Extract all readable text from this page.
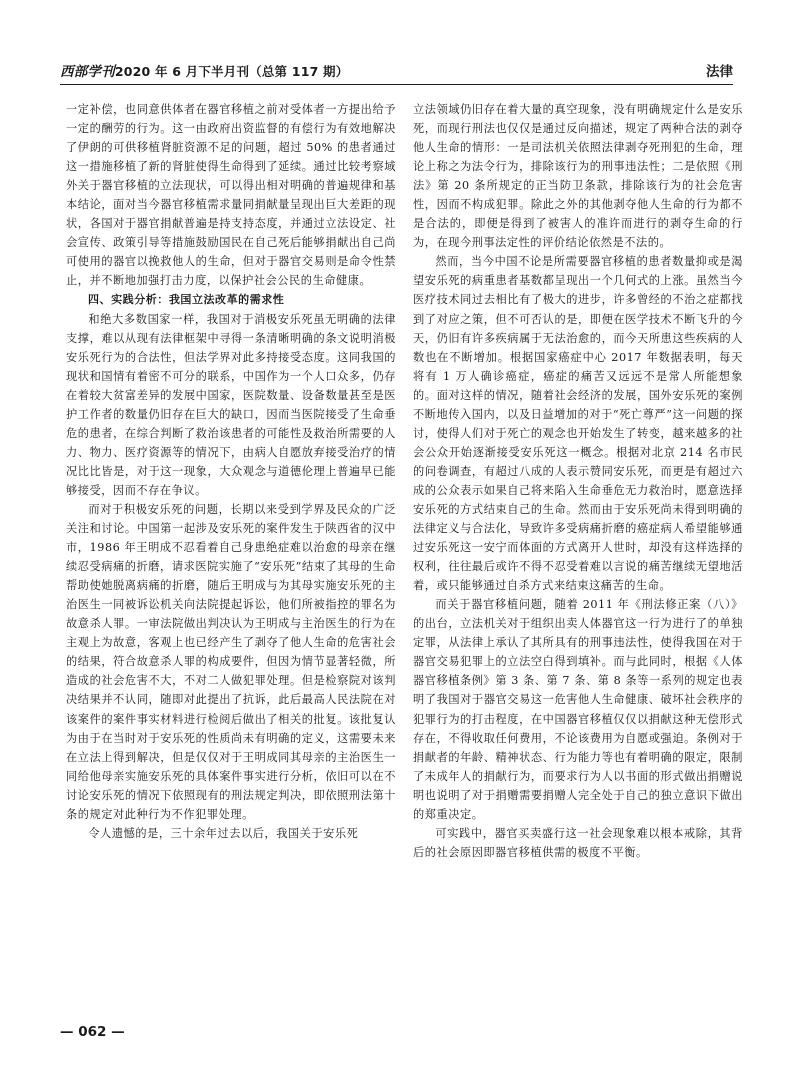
西部学刊2020 年 6 月下半月刊（总第 117 期）	法律

一定补偿，也同意供体者在器官移植之前对受体者一方提出给予一定的酬劳的行为。这一由政府出资监督的有偿行为有效地解决了伊朗的可供移植肾脏资源不足的问题，超过 50% 的患者通过这一措施移植了新的肾脏使得生命得到了延续。通过比较考察域外关于器官移植的立法现状，可以得出相对明确的普遍规律和基本结论，面对当今器官移植需求量同捐献量呈现出巨大差距的现状，各国对于器官捐献普遍是持支持态度，并通过立法设定、社会宣传、政策引导等措施鼓励国民在自己死后能够捐献出自己尚可使用的器官以挽救他人的生命，但对于器官交易则是命令性禁止，并不断地加强打击力度，以保护社会公民的生命健康。

四、实践分析：我国立法改革的需求性

和绝大多数国家一样，我国对于消极安乐死虽无明确的法律支撑，难以从现有法律框架中寻得一条清晰明确的条文说明消极安乐死行为的合法性，但法学界对此多持接受态度。这同我国的现状和国情有着密不可分的联系，中国作为一个人口众多，仍存在着较大贫富差异的发展中国家，医院数量、设备数量甚至是医护工作者的数量仍旧存在巨大的缺口，因而当医院接受了生命垂危的患者，在综合判断了救治该患者的可能性及救治所需要的人力、物力、医疗资源等的情况下，由病人自愿放弃接受治疗的情况比比皆是，对于这一现象，大众观念与道德伦理上普遍早已能够接受，因而不存在争议。

而对于积极安乐死的问题，长期以来受到学界及民众的广泛关注和讨论。中国第一起涉及安乐死的案件发生于陕西省的汉中市，1986 年王明成不忍看着自己身患绝症难以治愈的母亲在继续忍受病痛的折磨，请求医院实施了“安乐死”结束了其母的生命帮助使她脱离病痛的折磨，随后王明成与为其母实施安乐死的主治医生一同被诉讼机关向法院提起诉讼，他们所被指控的罪名为故意杀人罪。一审法院做出判决认为王明成与主治医生的行为在主观上为故意，客观上也已经产生了剥夺了他人生命的危害社会的结果，符合故意杀人罪的构成要件，但因为情节显著轻微，所造成的社会危害不大，不对二人做犯罪处理。但是检察院对该判决结果并不认同，随即对此提出了抗诉，此后最高人民法院在对该案件的案件事实材料进行检阅后做出了相关的批复。该批复认为由于在当时对于安乐死的性质尚未有明确的定义，这需要未来在立法上得到解决，但是仅仅对于王明成同其母亲的主治医生一同给他母亲实施安乐死的具体案件事实进行分析，依旧可以在不讨论安乐死的情况下依照现有的刑法规定判决，即依照刑法第十条的规定对此种行为不作犯罪处理。

令人遗憾的是，三十余年过去以后，我国关于安乐死

立法领域仍旧存在着大量的真空现象，没有明确规定什么是安乐死，而现行刑法也仅仅是通过反向描述，规定了两种合法的剥夺他人生命的情形：一是司法机关依照法律剥夺死刑犯的生命，理论上称之为法令行为，排除该行为的刑事违法性；二是依照《刑法》第 20 条所规定的正当防卫条款，排除该行为的社会危害性，因而不构成犯罪。除此之外的其他剥夺他人生命的行为都不是合法的，即便是得到了被害人的准许而进行的剥夺生命的行为，在现今刑事法定性的评价结论依然是不法的。

然而，当今中国不论是所需要器官移植的患者数量抑或是渴望安乐死的病重患者基数都呈现出一个几何式的上涨。虽然当今医疗技术同过去相比有了极大的进步，许多曾经的不治之症都找到了对应之策，但不可否认的是，即便在医学技术不断飞升的今天，仍旧有许多疾病属于无法治愈的，而今天所患这些疾病的人数也在不断增加。根据国家癌症中心 2017 年数据表明，每天将有 1 万人确诊癌症，癌症的痛苦又远远不是常人所能想象的。面对这样的情况，随着社会经济的发展，国外安乐死的案例不断地传入国内，以及日益增加的对于“死亡尊严”这一问题的探讨，使得人们对于死亡的观念也开始发生了转变，越来越多的社会公众开始逐渐接受安乐死这一概念。根据对北京 214 名市民的问卷调查，有超过八成的人表示赞同安乐死，而更是有超过六成的公众表示如果自己将来陷入生命垂危无力救治时，愿意选择安乐死的方式结束自己的生命。然而由于安乐死尚未得到明确的法律定义与合法化，导致许多受病痛折磨的癌症病人希望能够通过安乐死这一安宁而体面的方式离开人世时，却没有这样选择的权利，往往最后或许不得不忍受着难以言说的痛苦继续无望地活着，或只能够通过自杀方式来结束这痛苦的生命。

而关于器官移植问题，随着 2011 年《刑法修正案（八）》的出台，立法机关对于组织出卖人体器官这一行为进行了的单独定罪，从法律上承认了其所具有的刑事违法性，使得我国在对于器官交易犯罪上的立法空白得到填补。而与此同时，根据《人体器官移植条例》第 3 条、第 7 条、第 8 条等一系列的规定也表明了我国对于器官交易这一危害他人生命健康、破坏社会秩序的犯罪行为的打击程度，在中国器官移植仅仅以捐献这种无偿形式存在，不得收取任何费用，不论该费用为自愿或强迫。条例对于捐献者的年龄、精神状态、行为能力等也有着明确的限定，限制了未成年人的捐献行为，而要求行为人以书面的形式做出捐赠说明也说明了对于捐赠需要捐赠人完全处于自己的独立意识下做出的郑重决定。

可实践中，器官买卖盛行这一社会现象难以根本戒除，其背后的社会原因即器官移植供需的极度不平衡。

— 062 —
